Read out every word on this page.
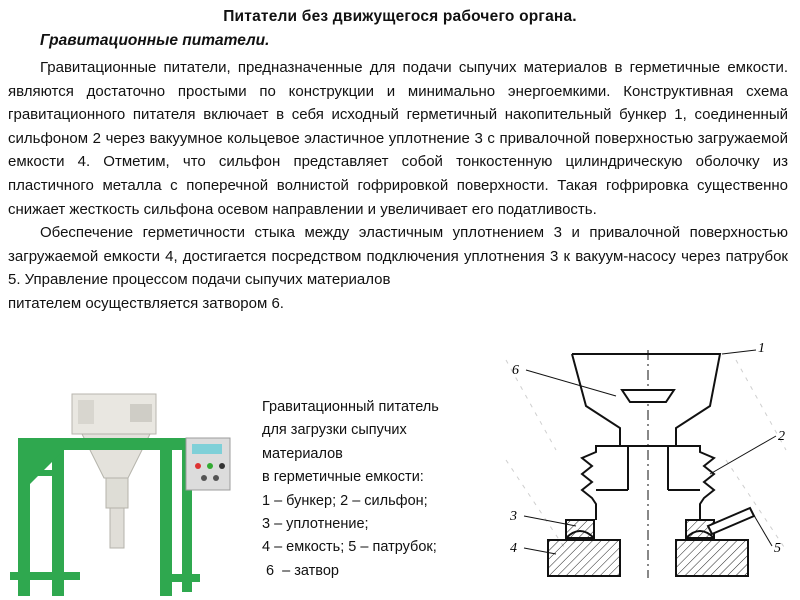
Питатели без движущегося рабочего органа.
Гравитационные питатели.

Гравитационные питатели, предназначенные для подачи сыпучих материалов в герметичные емкости. являются достаточно простыми по конструкции и минимально энергоемкими. Конструктивная схема гравитационного питателя включает в себя исходный герметичный накопительный бункер 1, соединенный сильфоном 2 через вакуумное кольцевое эластичное уплотнение 3 с привалочной поверхностью загружаемой емкости 4. Отметим, что сильфон представляет собой тонкостенную цилиндрическую оболочку из пластичного металла с поперечной волнистой гофрировкой поверхности. Такая гофрировка существенно снижает жесткость сильфона осевом направлении и увеличивает его податливость.

Обеспечение герметичности стыка между эластичным уплотнением 3 и привалочной поверхностью загружаемой емкости 4, достигается посредством подключения уплотнения 3 к вакуум-насосу через патрубок 5. Управление процессом подачи сыпучих материалов
питателем осуществляется затвором 6.

Гравитационный питатель
для загрузки сыпучих
материалов
в герметичные емкости:
1 – бункер; 2 – сильфон;
3 – уплотнение;
4 – емкость; 5 – патрубок;
6  – затвор
1
6
2
3
4	5
